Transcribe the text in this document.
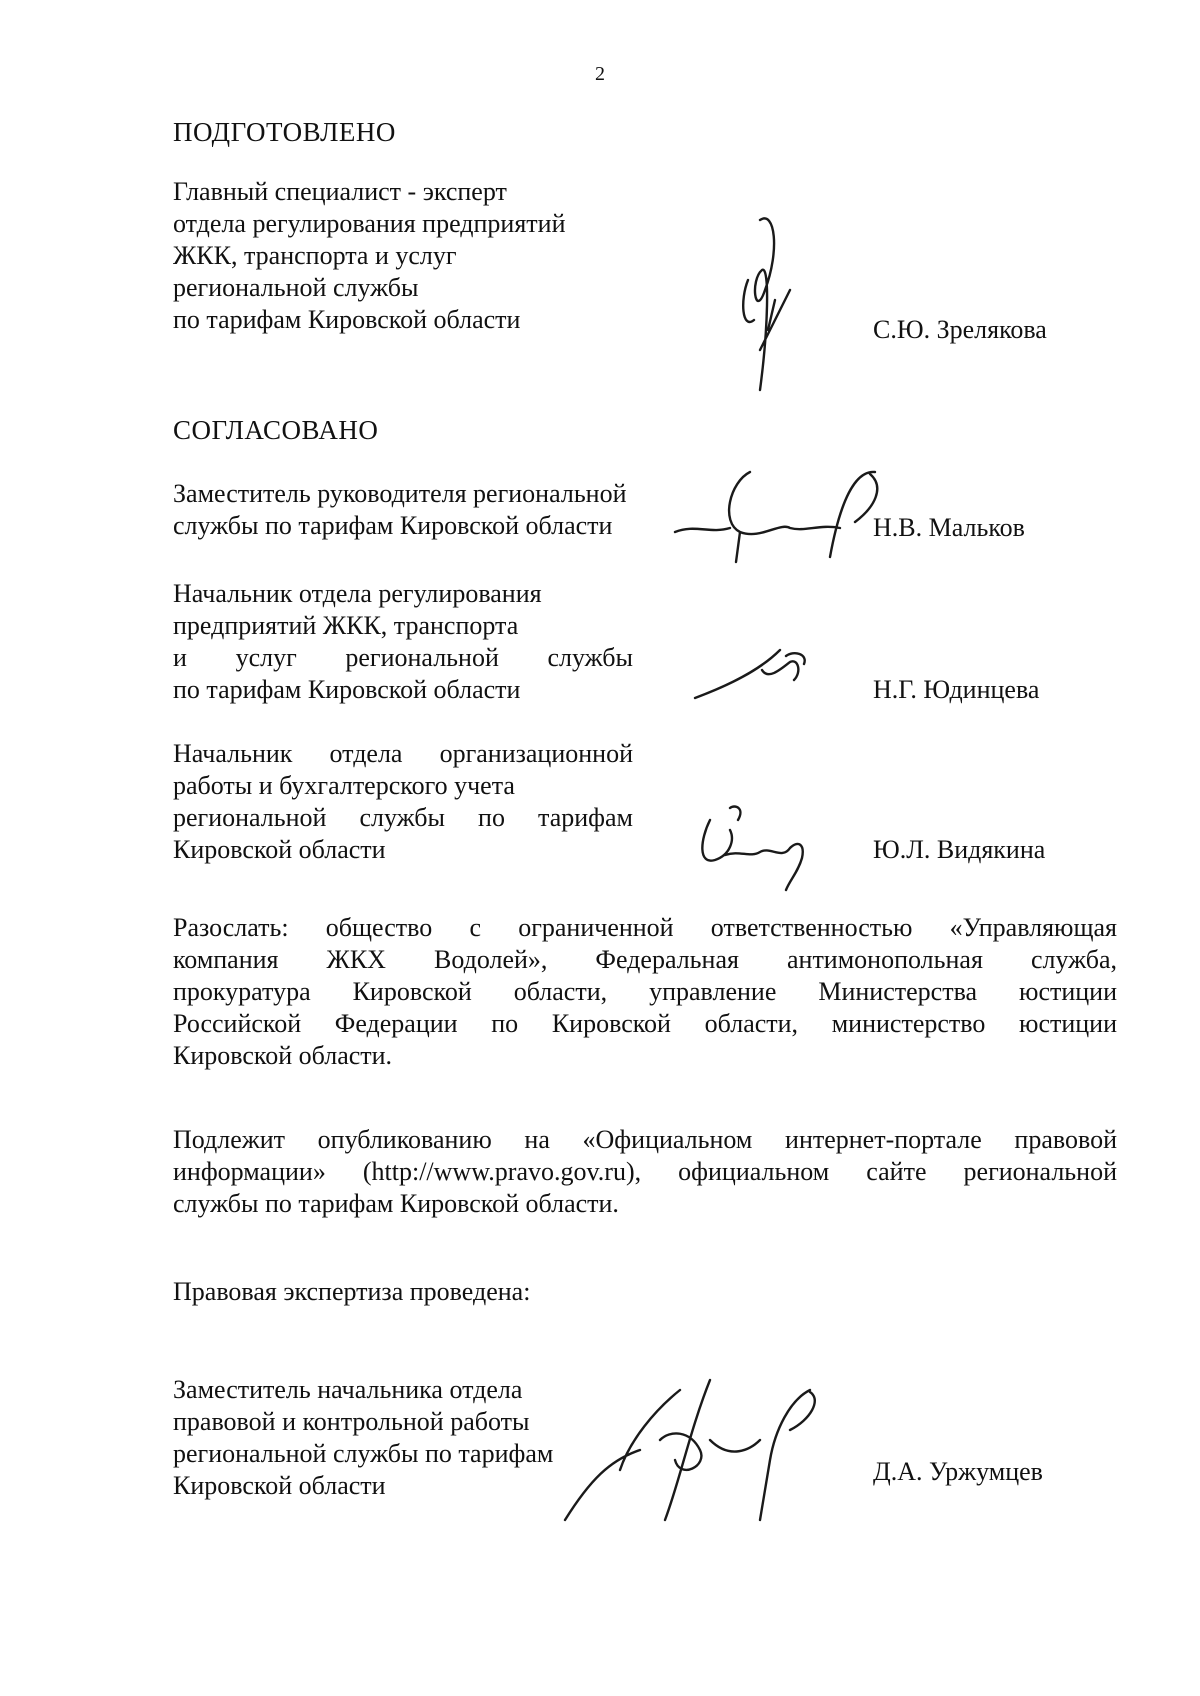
2
ПОДГОТОВЛЕНО
Главный специалист - эксперт
отдела регулирования предприятий
ЖКК, транспорта и услуг
региональной службы
по тарифам Кировской области	С.Ю. Зрелякова
СОГЛАСОВАНО
Заместитель руководителя региональной
службы по тарифам Кировской области	Н.В. Мальков
Начальник отдела регулирования
предприятий ЖКК, транспорта
и услуг региональной службы
по тарифам Кировской области	Н.Г. Юдинцева
Начальник отдела организационной
работы и бухгалтерского учета
региональной службы по тарифам
Кировской области	Ю.Л. Видякина
Разослать: общество с ограниченной ответственностью «Управляющая
компания ЖКХ Водолей», Федеральная антимонопольная служба,
прокуратура Кировской области, управление Министерства юстиции
Российской Федерации по Кировской области, министерство юстиции
Кировской области.
Подлежит опубликованию на «Официальном интернет-портале правовой
информации» (http://www.pravo.gov.ru), официальном сайте региональной
службы по тарифам Кировской области.
Правовая экспертиза проведена:
Заместитель начальника отдела
правовой и контрольной работы
региональной службы по тарифам
Кировской области	Д.А. Уржумцев
